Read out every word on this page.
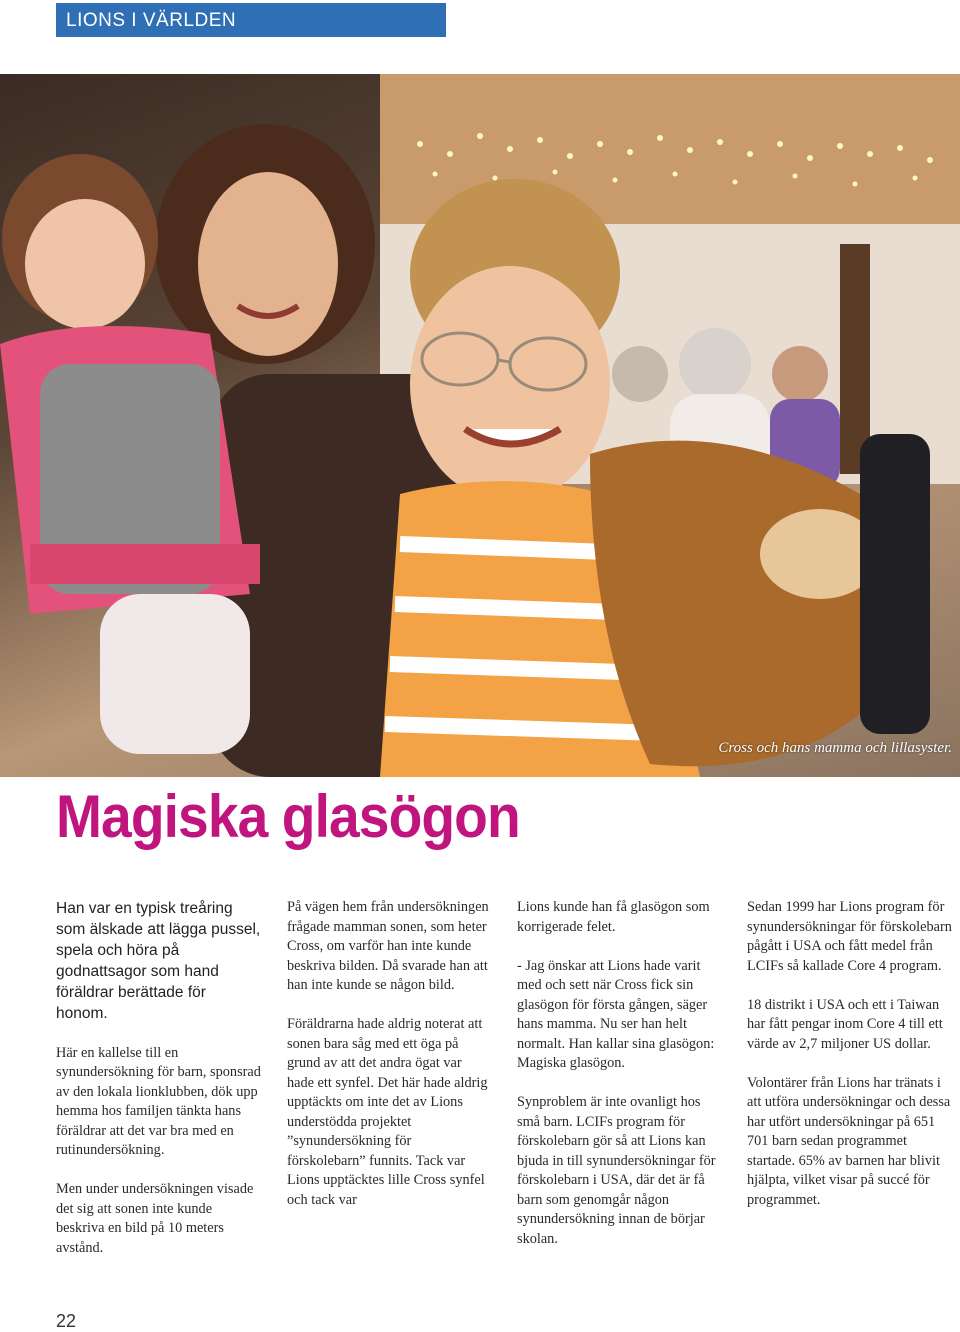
LIONS I VÄRLDEN
Cross och hans mamma och lillasyster.
Magiska glasögon

Han var en typisk treåring som älskade att lägga pussel, spela och höra på godnattsagor som hand föräldrar berättade för honom.

Här en kallelse till en synundersökning för barn, sponsrad av den lokala lionklubben, dök upp hemma hos familjen tänkta hans föräldrar att det var bra med en rutinundersökning.

Men under undersökningen visade det sig att sonen inte kunde beskriva en bild på 10 meters avstånd.

På vägen hem från undersökningen frågade mamman sonen, som heter Cross, om varför han inte kunde beskriva bilden. Då svarade han att han inte kunde se någon bild.

Föräldrarna hade aldrig noterat att sonen bara såg med ett öga på grund av att det andra ögat var hade ett synfel. Det här hade aldrig upptäckts om inte det av Lions understödda projektet ”synundersökning för förskolebarn” funnits. Tack var Lions upptäcktes lille Cross synfel och tack var

Lions kunde han få glasögon som korrigerade felet.

- Jag önskar att Lions hade varit med och sett när Cross fick sin glasögon för första gången, säger hans mamma. Nu ser han helt normalt. Han kallar sina glasögon: Magiska glasögon.

Synproblem är inte ovanligt hos små barn. LCIFs program för förskolebarn gör så att Lions kan bjuda in till synundersökningar för förskolebarn i USA, där det är få barn som genomgår någon synundersökning innan de börjar skolan.

Sedan 1999 har Lions program för synundersökningar för förskolebarn pågått i USA och fått medel från LCIFs så kallade Core 4 program.

18 distrikt i USA och ett i Taiwan har fått pengar inom Core 4 till ett värde av 2,7 miljoner US dollar.

Volontärer från Lions har tränats i att utföra undersökningar och dessa har utfört undersökningar på 651 701 barn sedan programmet startade. 65% av barnen har blivit hjälpta, vilket visar på succé för programmet.

22
